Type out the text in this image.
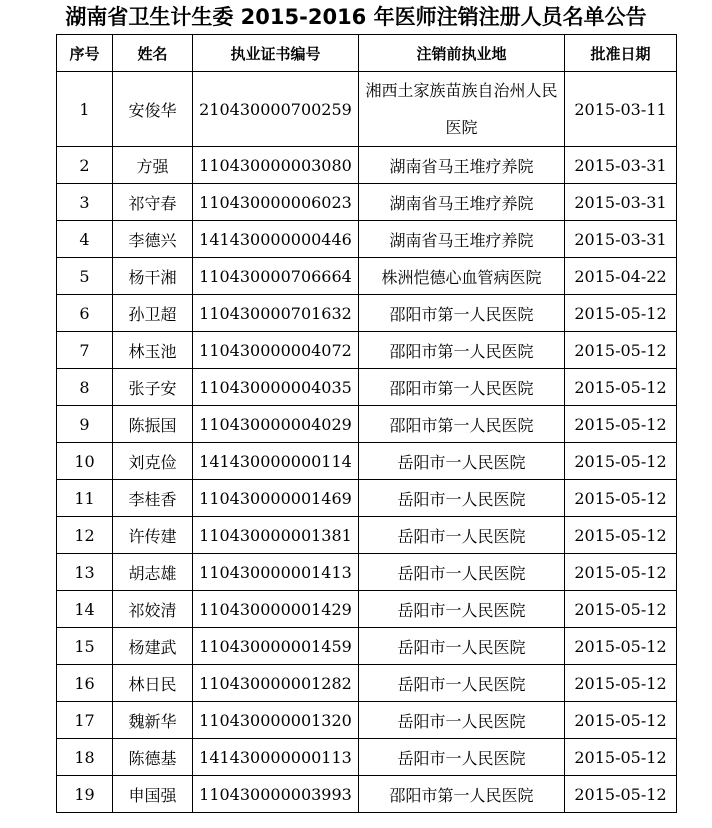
湖南省卫生计生委 2015-2016 年医师注销注册人员名单公告
序号	姓名	执业证书编号	注销前执业地	批准日期
1	安俊华	210430000700259	湘西土家族苗族自治州人民医院	2015-03-11
2	方强	110430000003080	湖南省马王堆疗养院	2015-03-31
3	祁守春	110430000006023	湖南省马王堆疗养院	2015-03-31
4	李德兴	141430000000446	湖南省马王堆疗养院	2015-03-31
5	杨干湘	110430000706664	株洲恺德心血管病医院	2015-04-22
6	孙卫超	110430000701632	邵阳市第一人民医院	2015-05-12
7	林玉池	110430000004072	邵阳市第一人民医院	2015-05-12
8	张子安	110430000004035	邵阳市第一人民医院	2015-05-12
9	陈振国	110430000004029	邵阳市第一人民医院	2015-05-12
10	刘克俭	141430000000114	岳阳市一人民医院	2015-05-12
11	李桂香	110430000001469	岳阳市一人民医院	2015-05-12
12	许传建	110430000001381	岳阳市一人民医院	2015-05-12
13	胡志雄	110430000001413	岳阳市一人民医院	2015-05-12
14	祁姣清	110430000001429	岳阳市一人民医院	2015-05-12
15	杨建武	110430000001459	岳阳市一人民医院	2015-05-12
16	林日民	110430000001282	岳阳市一人民医院	2015-05-12
17	魏新华	110430000001320	岳阳市一人民医院	2015-05-12
18	陈德基	141430000000113	岳阳市一人民医院	2015-05-12
19	申国强	110430000003993	邵阳市第一人民医院	2015-05-12
